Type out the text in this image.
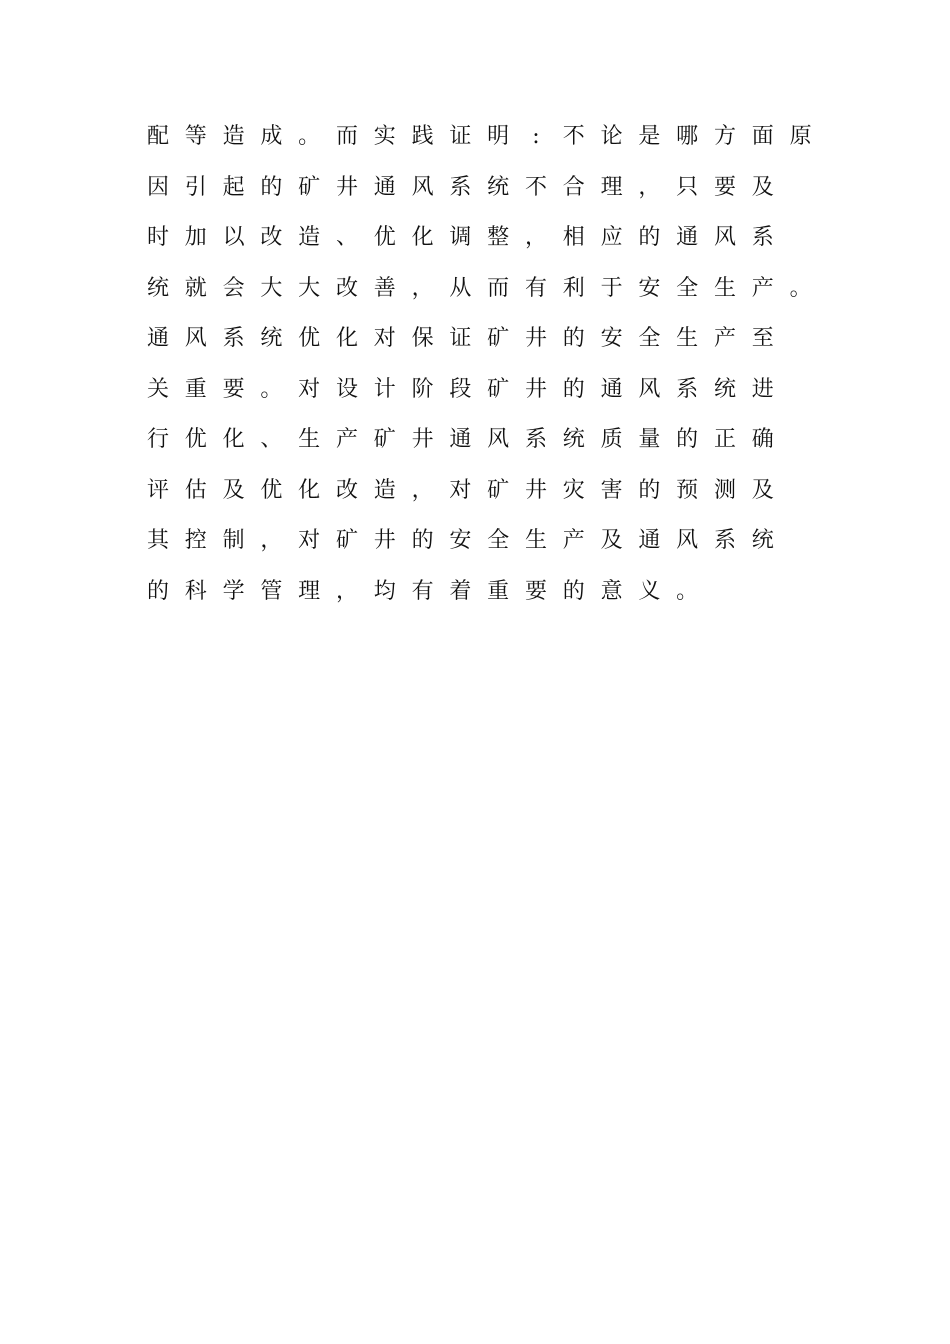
配 等 造 成 。 而 实 践 证 明	:	不 论 是 哪 方 面 原
因 引 起 的 矿 井 通 风 系 统 不 合 理 ， 只 要 及
时 加 以 改 造 、 优 化 调 整 ， 相 应 的 通 风 系
统 就 会 大 大 改 善 ， 从 而 有 利 于 安 全 生 产 。
通 风 系 统 优 化 对 保 证 矿 井 的 安 全 生 产 至
关 重 要 。 对 设 计 阶 段 矿 井 的 通 风 系 统 进
行 优 化 、 生 产 矿 井 通 风 系 统 质 量 的 正 确
评 估 及 优 化 改 造 ， 对 矿 井 灾 害 的 预 测 及
其 控 制 ， 对 矿 井 的 安 全 生 产 及 通 风 系 统
的 科 学 管 理 ， 均 有 着 重 要 的 意 义 。
